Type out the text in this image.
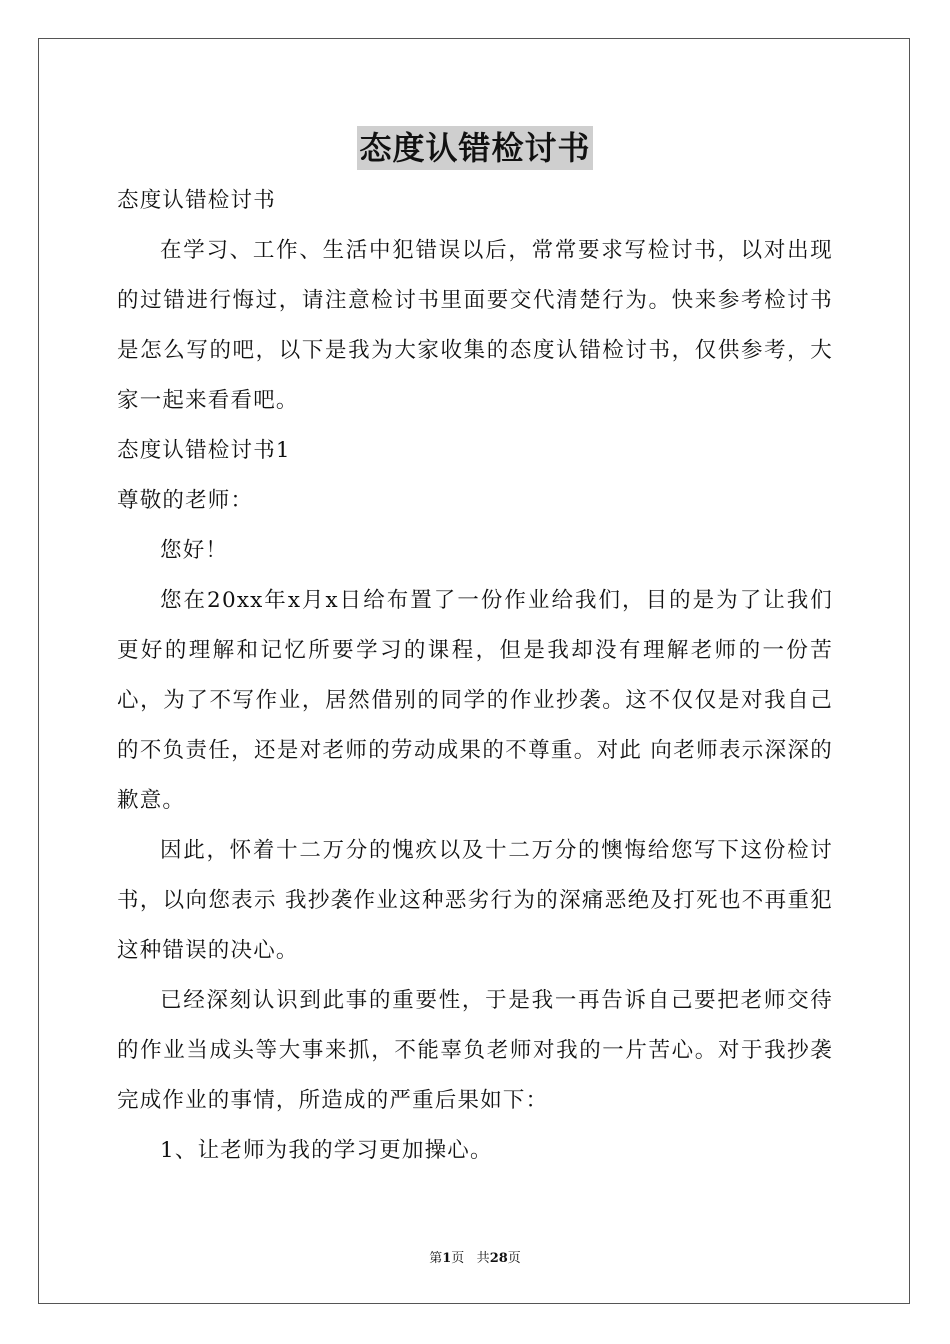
态度认错检讨书

态度认错检讨书

在学习、工作、生活中犯错误以后，常常要求写检讨书，以对出现的过错进行悔过，请注意检讨书里面要交代清楚行为。快来参考检讨书是怎么写的吧，以下是我为大家收集的态度认错检讨书，仅供参考，大家一起来看看吧。

态度认错检讨书1

尊敬的老师：

您好！

您在20xx年x月x日给布置了一份作业给我们，目的是为了让我们更好的理解和记忆所要学习的课程，但是我却没有理解老师的一份苦心，为了不写作业，居然借别的同学的作业抄袭。这不仅仅是对我自己的不负责任，还是对老师的劳动成果的不尊重。对此 向老师表示深深的歉意。

因此，怀着十二万分的愧疚以及十二万分的懊悔给您写下这份检讨书，以向您表示 我抄袭作业这种恶劣行为的深痛恶绝及打死也不再重犯这种错误的决心。

已经深刻认识到此事的重要性，于是我一再告诉自己要把老师交待的作业当成头等大事来抓，不能辜负老师对我的一片苦心。对于我抄袭完成作业的事情，所造成的严重后果如下：

1、让老师为我的学习更加操心。

第1页 共28页
